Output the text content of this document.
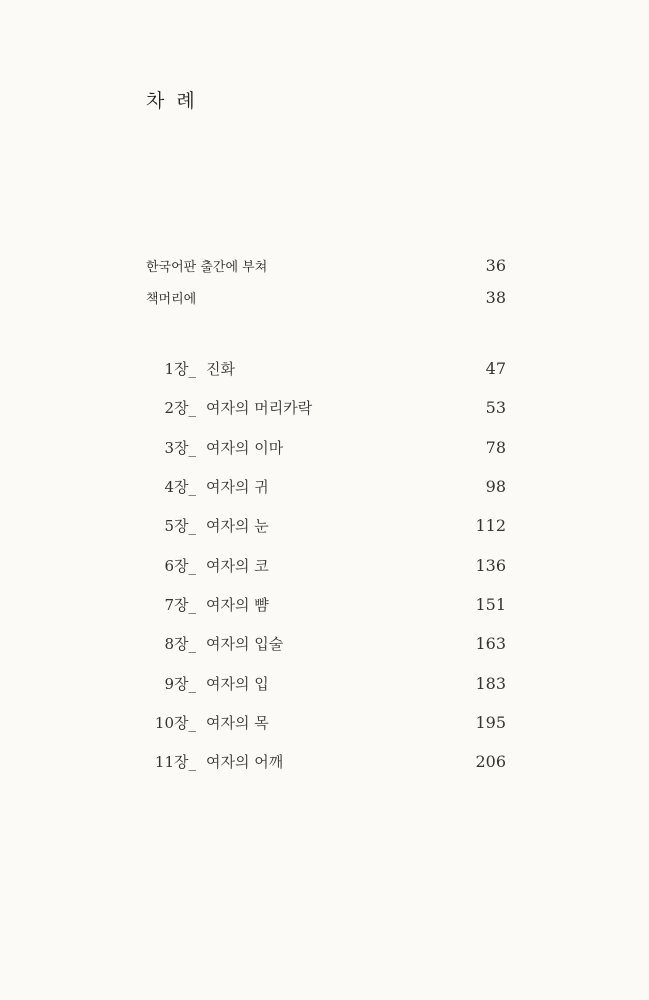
차 례
한국어판 출간에 부쳐	36
책머리에	38
1장_ 진화	47
2장_ 여자의 머리카락	53
3장_ 여자의 이마	78
4장_ 여자의 귀	98
5장_ 여자의 눈	112
6장_ 여자의 코	136
7장_ 여자의 뺨	151
8장_ 여자의 입술	163
9장_ 여자의 입	183
10장_ 여자의 목	195
11장_ 여자의 어깨	206
